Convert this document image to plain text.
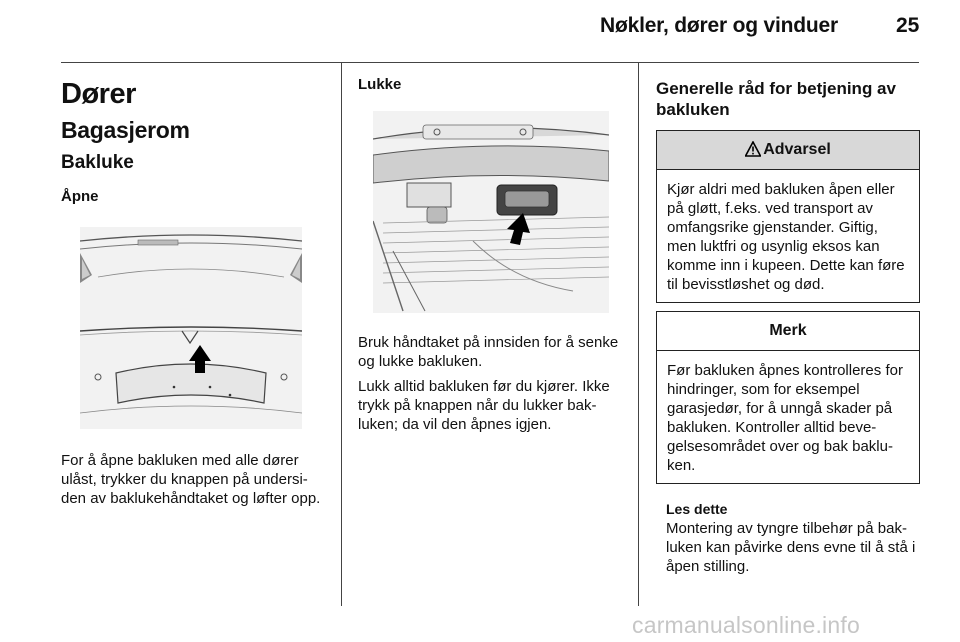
Nøkler, dører og vinduer	25
Dører
Bagasjerom
Bakluke
Åpne

For å åpne bakluken med alle dører ulåst, trykker du knappen på undersi- den av baklukehåndtaket og løfter opp.

Lukke

Bruk håndtaket på innsiden for å senke og lukke bakluken.

Lukk alltid bakluken før du kjører. Ikke trykk på knappen når du lukker bak- luken; da vil den åpnes igjen.

Generelle råd for betjening av bakluken
Advarsel
Kjør aldri med bakluken åpen eller på gløtt, f.eks. ved transport av omfangsrike gjenstander. Giftig, men luktfri og usynlig eksos kan komme inn i kupeen. Dette kan føre til bevisstløshet og død.
Merk
Før bakluken åpnes kontrolleres for hindringer, som for eksempel garasjedør, for å unngå skader på bakluken. Kontroller alltid beve- gelsesområdet over og bak baklu- ken.
Les dette
Montering av tyngre tilbehør på bak- luken kan påvirke dens evne til å stå i åpen stilling.
carmanualsonline.info
